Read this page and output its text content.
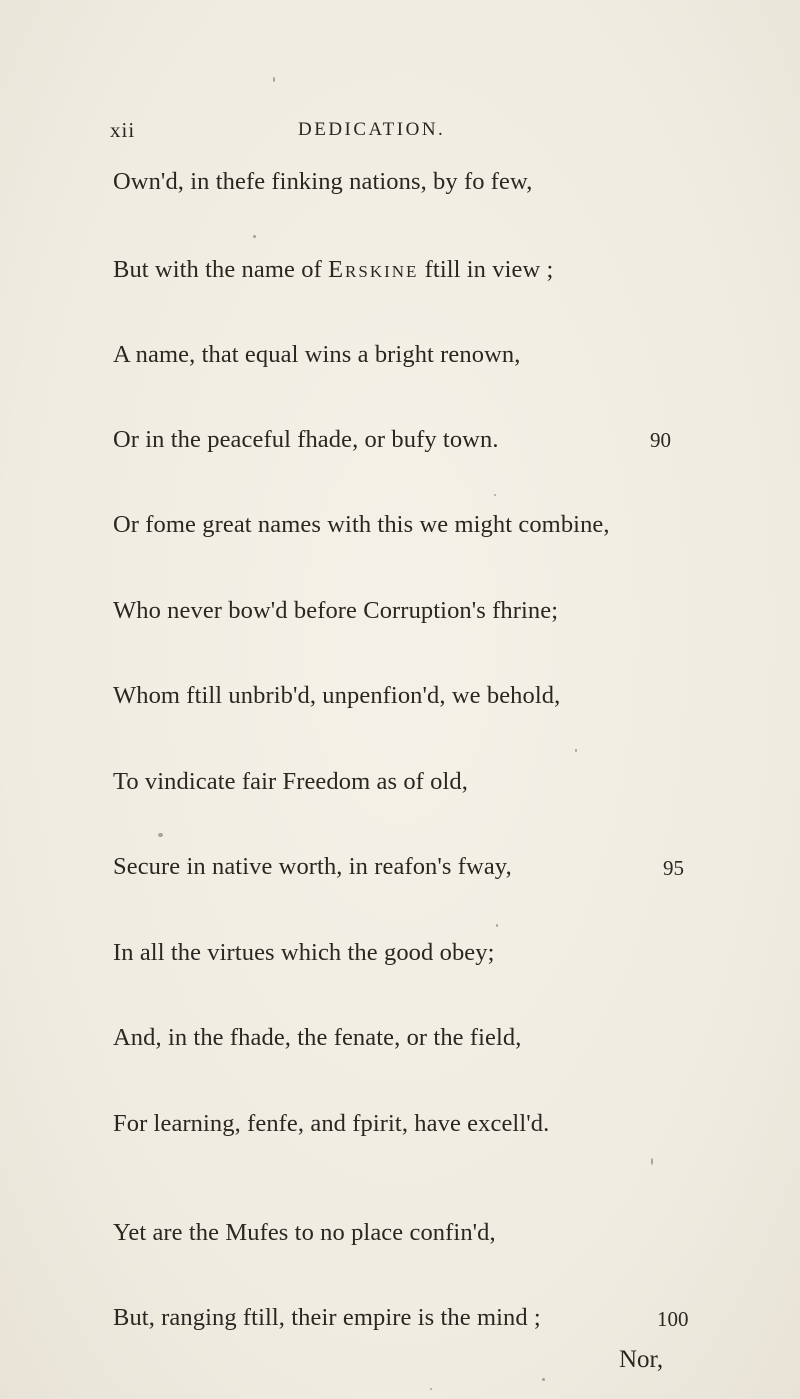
xii	DEDICATION.
Own'd, in thefe finking nations, by fo few,
But with the name of Erskine ftill in view ;
A name, that equal wins a bright renown,
Or in the peaceful fhade, or bufy town.	90
Or fome great names with this we might combine,
Who never bow'd before Corruption's fhrine;
Whom ftill unbrib'd, unpenfion'd, we behold,
To vindicate fair Freedom as of old,
Secure in native worth, in reafon's fway,	95
In all the virtues which the good obey;
And, in the fhade, the fenate, or the field,
For learning, fenfe, and fpirit, have excell'd.
Yet are the Mufes to no place confin'd,
But, ranging ftill, their empire is the mind ;	100
Nor,
